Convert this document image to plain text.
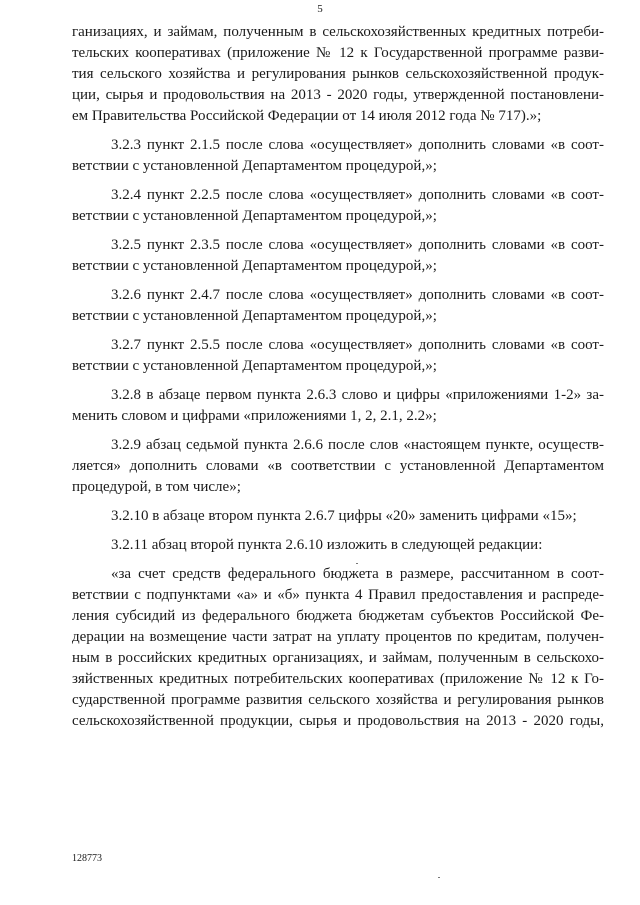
5
ганизациях, и займам, полученным в сельскохозяйственных кредитных потреби-
тельских кооперативах (приложение № 12 к Государственной программе разви-
тия сельского хозяйства и регулирования рынков сельскохозяйственной продук-
ции, сырья и продовольствия на 2013 - 2020 годы, утвержденной постановлени-
ем Правительства Российской Федерации от 14 июля 2012 года № 717).»;
3.2.3 пункт 2.1.5 после слова «осуществляет» дополнить словами «в соот-
ветствии с установленной Департаментом процедурой,»;
3.2.4 пункт 2.2.5 после слова «осуществляет» дополнить словами «в соот-
ветствии с установленной Департаментом процедурой,»;
3.2.5 пункт 2.3.5 после слова «осуществляет» дополнить словами «в соот-
ветствии с установленной Департаментом процедурой,»;
3.2.6 пункт 2.4.7 после слова «осуществляет» дополнить словами «в соот-
ветствии с установленной Департаментом процедурой,»;
3.2.7 пункт 2.5.5 после слова «осуществляет» дополнить словами «в соот-
ветствии с установленной Департаментом процедурой,»;
3.2.8 в абзаце первом пункта 2.6.3 слово и цифры «приложениями 1-2» за-
менить словом и цифрами «приложениями 1, 2, 2.1, 2.2»;
3.2.9 абзац седьмой пункта 2.6.6 после слов «настоящем пункте, осуществ-
ляется» дополнить словами «в соответствии с установленной Департаментом
процедурой, в том числе»;
3.2.10 в абзаце втором пункта 2.6.7 цифры «20» заменить цифрами «15»;
3.2.11 абзац второй пункта 2.6.10 изложить в следующей редакции:
«за счет средств федерального бюджета в размере, рассчитанном в соот-
ветствии с подпунктами «а» и «б» пункта 4 Правил предоставления и распреде-
ления субсидий из федерального бюджета бюджетам субъектов Российской Фе-
дерации на возмещение части затрат на уплату процентов по кредитам, получен-
ным в российских кредитных организациях, и займам, полученным в сельскохо-
зяйственных кредитных потребительских кооперативах (приложение № 12 к Го-
сударственной программе развития сельского хозяйства и регулирования рынков
сельскохозяйственной продукции, сырья и продовольствия на 2013 - 2020 годы,
128773
